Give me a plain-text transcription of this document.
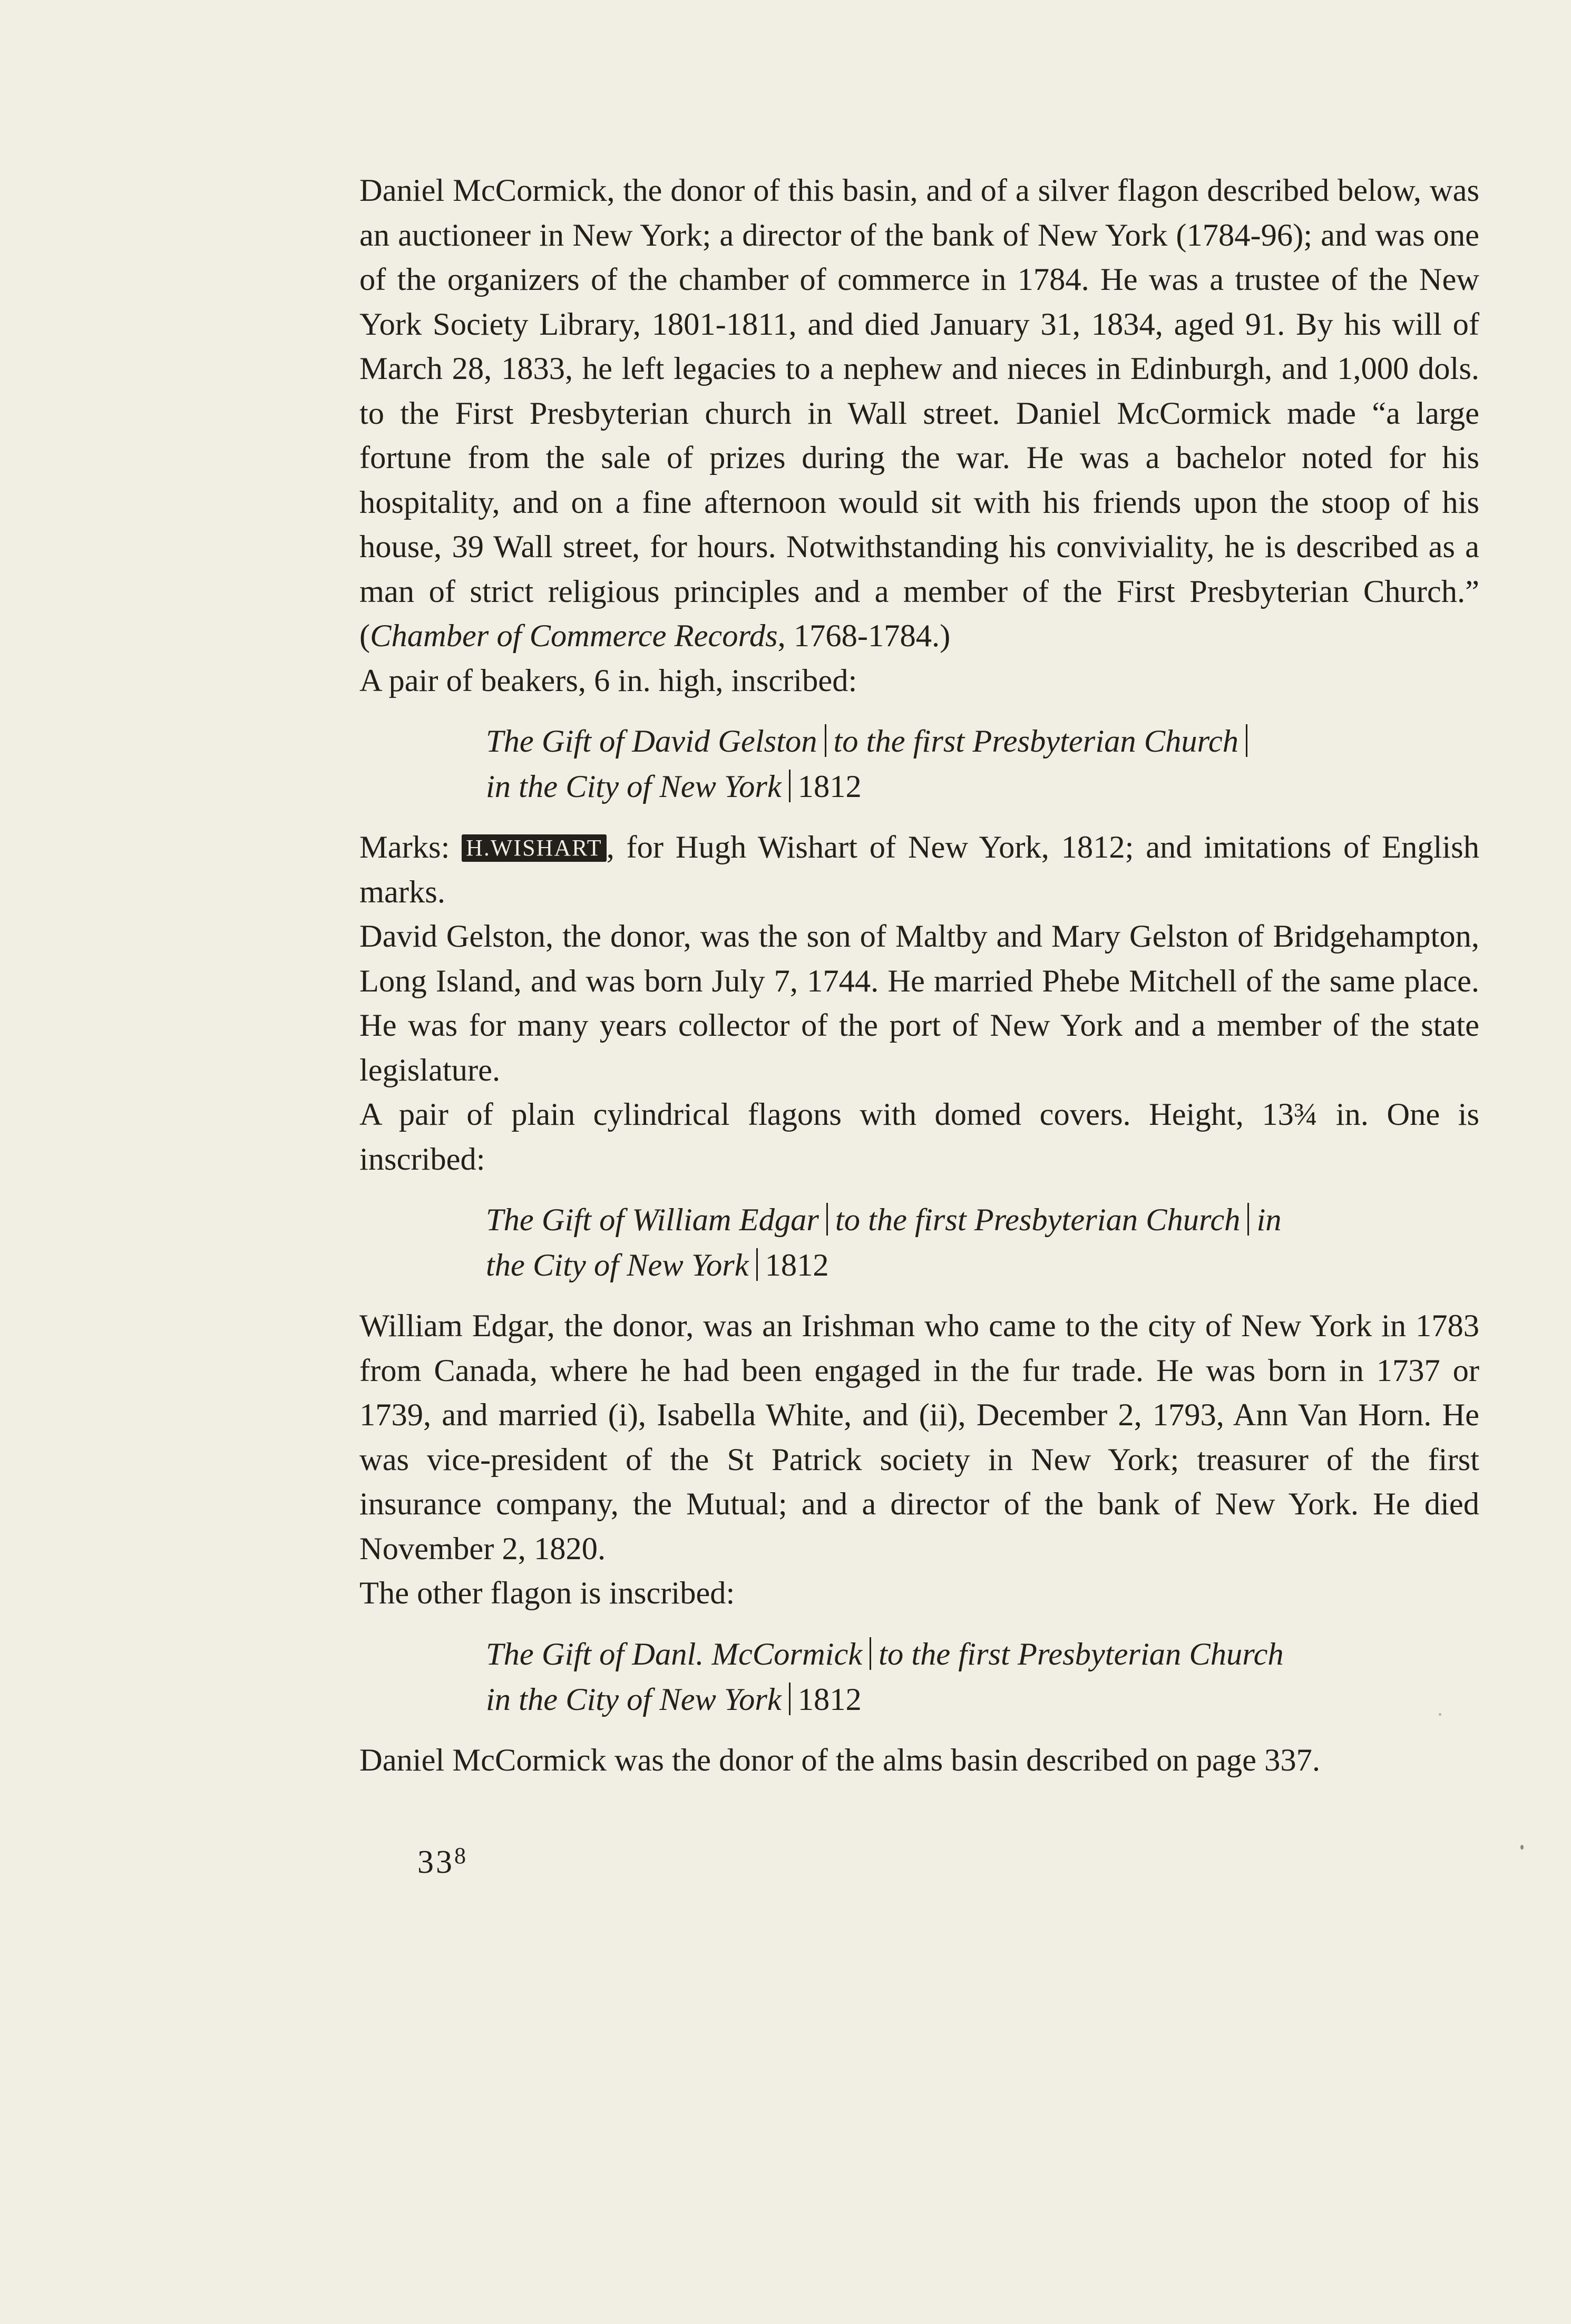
Daniel McCormick, the donor of this basin, and of a silver flagon described below, was an auctioneer in New York; a director of the bank of New York (1784-96); and was one of the organizers of the chamber of commerce in 1784. He was a trustee of the New York Society Library, 1801-1811, and died January 31, 1834, aged 91. By his will of March 28, 1833, he left legacies to a nephew and nieces in Edinburgh, and 1,000 dols. to the First Presbyterian church in Wall street. Daniel McCormick made “a large fortune from the sale of prizes during the war. He was a bachelor noted for his hospitality, and on a fine afternoon would sit with his friends upon the stoop of his house, 39 Wall street, for hours. Notwithstanding his conviviality, he is described as a man of strict religious principles and a member of the First Presbyterian Church.” (Chamber of Commerce Records, 1768-1784.)

A pair of beakers, 6 in. high, inscribed:

The Gift of David Gelston to the first Presbyterian Church
in the City of New York 1812

Marks: H.WISHART , for Hugh Wishart of New York, 1812; and imitations of English marks.

David Gelston, the donor, was the son of Maltby and Mary Gelston of Bridgehampton, Long Island, and was born July 7, 1744. He married Phebe Mitchell of the same place. He was for many years collector of the port of New York and a member of the state legislature.

A pair of plain cylindrical flagons with domed covers. Height, 13¾ in. One is inscribed:

The Gift of William Edgar to the first Presbyterian Church in
the City of New York 1812

William Edgar, the donor, was an Irishman who came to the city of New York in 1783 from Canada, where he had been engaged in the fur trade. He was born in 1737 or 1739, and married (i), Isabella White, and (ii), December 2, 1793, Ann Van Horn. He was vice-president of the St Patrick society in New York; treasurer of the first insurance company, the Mutual; and a director of the bank of New York. He died November 2, 1820.

The other flagon is inscribed:

The Gift of Danl. McCormick to the first Presbyterian Church
in the City of New York 1812

Daniel McCormick was the donor of the alms basin described on page 337.

$33^8$
